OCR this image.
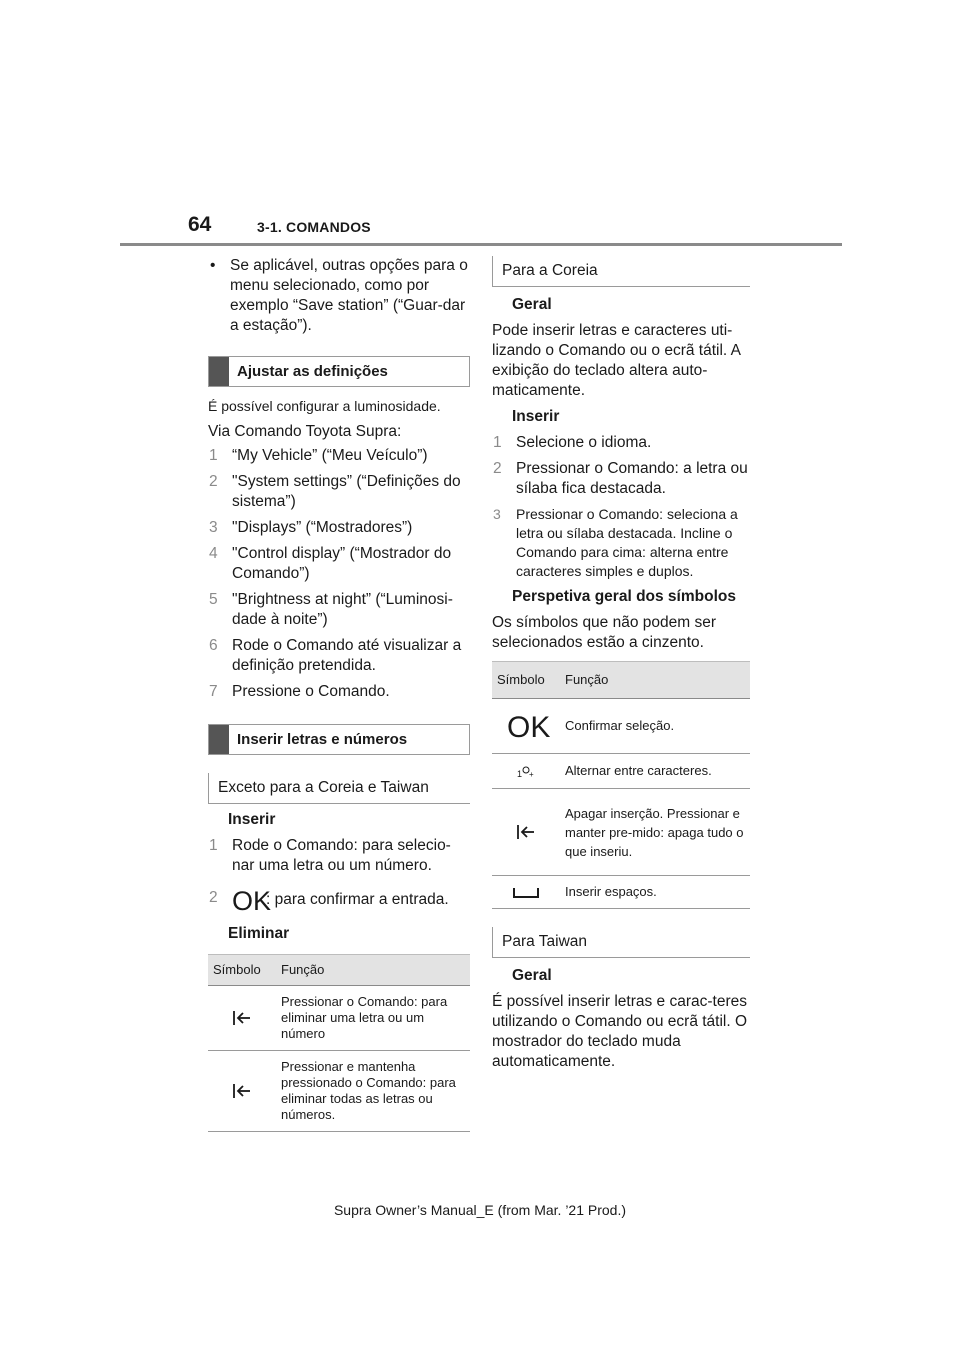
64	3-1. COMANDOS
• Se aplicável, outras opções para o menu selecionado, como por exemplo “Save station” (“Guar-dar a estação”).
Ajustar as definições

É possível configurar a luminosidade.

Via Comando Toyota Supra:

1 “My Vehicle” (“Meu Veículo”)
2 "System settings” (“Definições do sistema”)
3 "Displays” (“Mostradores”)
4 "Control display” (“Mostrador do Comando”)
5 "Brightness at night” (“Luminosi-dade à noite”)
6 Rode o Comando até visualizar a definição pretendida.
7 Pressione o Comando.
Inserir letras e números
Exceto para a Coreia e Taiwan

Inserir

1 Rode o Comando: para selecio-nar uma letra ou um número.
2 OK
: para confirmar a entrada.

Eliminar

Símbolo	Função
	Pressionar o Comando: para eliminar uma letra ou um número
	Pressionar e mantenha pressionado o Comando: para eliminar todas as letras ou números.
Para a Coreia

Geral

Pode inserir letras e caracteres uti-lizando o Comando ou o ecrã tátil. A exibição do teclado altera auto-maticamente.

Inserir

1 Selecione o idioma.
2 Pressionar o Comando: a letra ou sílaba fica destacada.
3 Pressionar o Comando: seleciona a letra ou sílaba destacada. Incline o Comando para cima: alterna entre caracteres simples e duplos.

Perspetiva geral dos símbolos

Os símbolos que não podem ser selecionados estão a cinzento.

Símbolo	Função

OK	Confirmar seleção.

1 +	Alternar entre caracteres.
	Apagar inserção. Pressionar e manter pre-mido: apaga tudo o que inseriu.
	Inserir espaços.
Para Taiwan

Geral

É possível inserir letras e carac-teres utilizando o Comando ou ecrã tátil. O mostrador do teclado muda automaticamente.

Supra Owner’s Manual_E (from Mar. ’21 Prod.)
